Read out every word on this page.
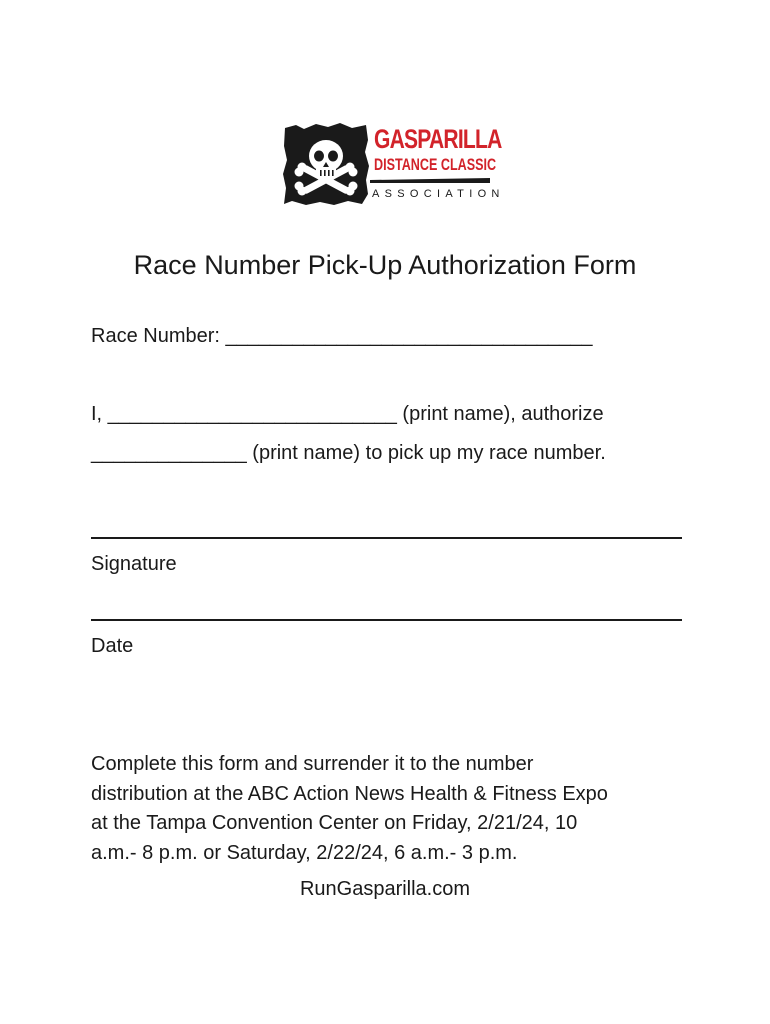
GASPARILLA
DISTANCE CLASSIC
ASSOCIATION
Race Number Pick-Up Authorization Form
Race Number: _________________________________
I, __________________________ (print name), authorize
______________ (print name) to pick up my race number.
Signature
Date
Complete this form and surrender it to the number
distribution at the ABC Action News Health & Fitness Expo
at the Tampa Convention Center on Friday, 2/21/24, 10
a.m.- 8 p.m. or Saturday, 2/22/24, 6 a.m.- 3 p.m.
RunGasparilla.com
